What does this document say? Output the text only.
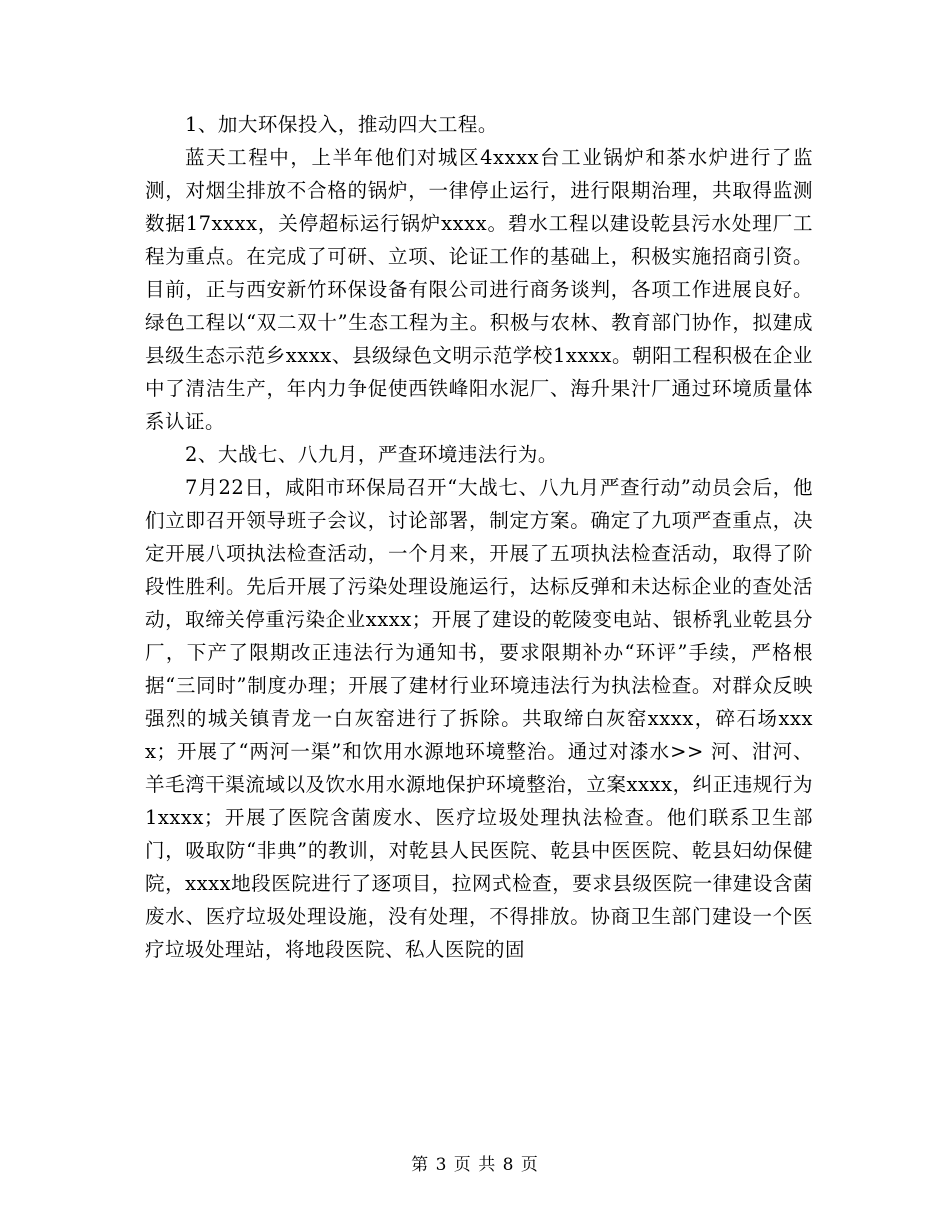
1、加大环保投入，推动四大工程。

蓝天工程中，上半年他们对城区4xxxx台工业锅炉和茶水炉进行了监测，对烟尘排放不合格的锅炉，一律停止运行，进行限期治理，共取得监测数据17xxxx，关停超标运行锅炉xxxx。碧水工程以建设乾县污水处理厂工程为重点。在完成了可研、立项、论证工作的基础上，积极实施招商引资。目前，正与西安新竹环保设备有限公司进行商务谈判，各项工作进展良好。绿色工程以“双二双十”生态工程为主。积极与农林、教育部门协作，拟建成县级生态示范乡xxxx、县级绿色文明示范学校1xxxx。朝阳工程积极在企业中了清洁生产，年内力争促使西铁峰阳水泥厂、海升果汁厂通过环境质量体系认证。

2、大战七、八九月，严查环境违法行为。

7月22日，咸阳市环保局召开“大战七、八九月严查行动”动员会后，他们立即召开领导班子会议，讨论部署，制定方案。确定了九项严查重点，决定开展八项执法检查活动，一个月来，开展了五项执法检查活动，取得了阶段性胜利。先后开展了污染处理设施运行，达标反弹和未达标企业的查处活动，取缔关停重污染企业xxxx；开展了建设的乾陵变电站、银桥乳业乾县分厂，下产了限期改正违法行为通知书，要求限期补办“环评”手续，严格根据“三同时”制度办理；开展了建材行业环境违法行为执法检查。对群众反映强烈的城关镇青龙一白灰窑进行了拆除。共取缔白灰窑xxxx，碎石场xxxx；开展了“两河一渠”和饮用水源地环境整治。通过对漆水>> 河、泔河、羊毛湾干渠流域以及饮水用水源地保护环境整治，立案xxxx，纠正违规行为1xxxx；开展了医院含菌废水、医疗垃圾处理执法检查。他们联系卫生部门，吸取防“非典”的教训，对乾县人民医院、乾县中医医院、乾县妇幼保健院，xxxx地段医院进行了逐项目，拉网式检查，要求县级医院一律建设含菌废水、医疗垃圾处理设施，没有处理，不得排放。协商卫生部门建设一个医疗垃圾处理站，将地段医院、私人医院的固

第 3 页 共 8 页
